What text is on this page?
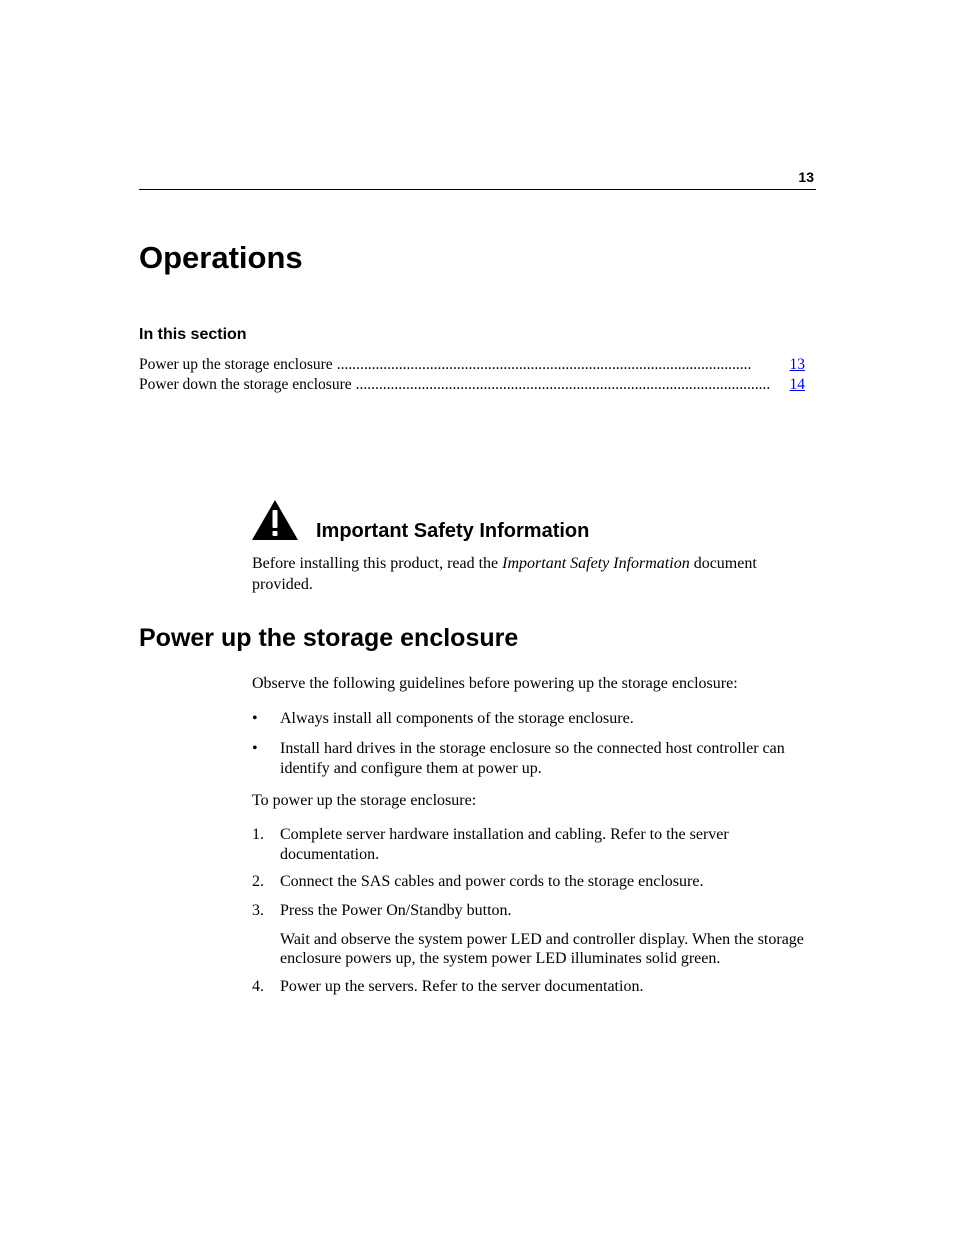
13
Operations
In this section
Power up the storage enclosure ...........................................................................................................	13
Power down the storage enclosure ...........................................................................................................	14
Important Safety Information

Before installing this product, read the Important Safety Information document provided.

Power up the storage enclosure

Observe the following guidelines before powering up the storage enclosure:

• Always install all components of the storage enclosure.
• Install hard drives in the storage enclosure so the connected host controller can identify and configure them at power up.

To power up the storage enclosure:

1. Complete server hardware installation and cabling. Refer to the server documentation.
2. Connect the SAS cables and power cords to the storage enclosure.
3. Press the Power On/Standby button.
Wait and observe the system power LED and controller display. When the storage enclosure powers up, the system power LED illuminates solid green.
4. Power up the servers. Refer to the server documentation.
